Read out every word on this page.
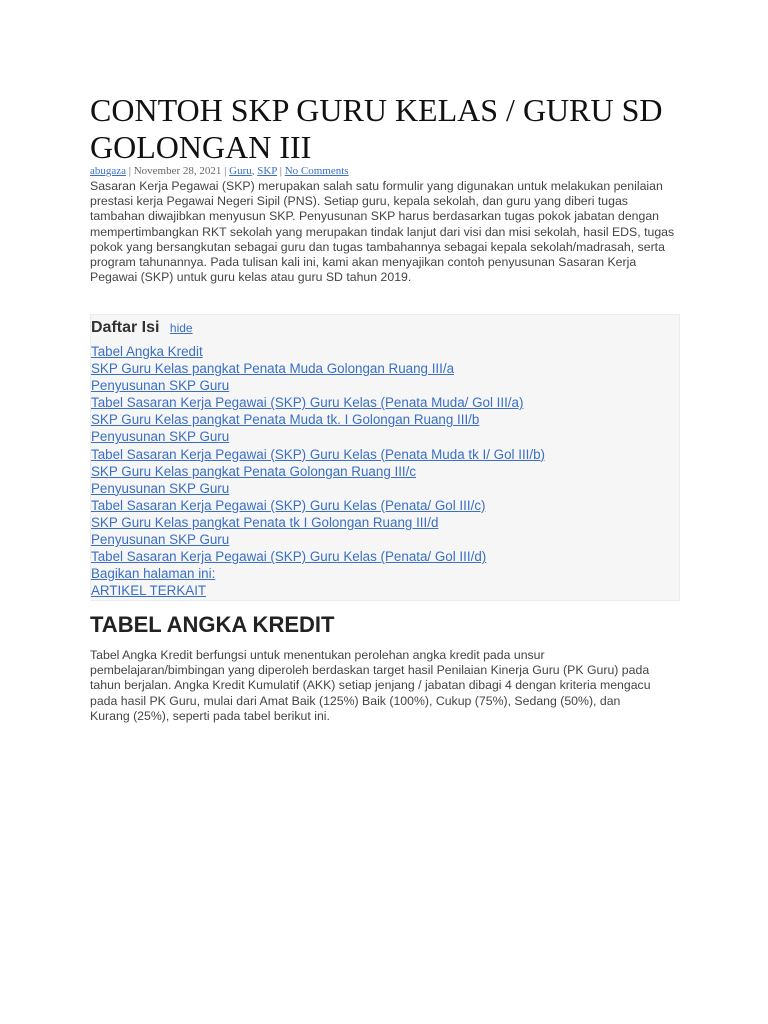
CONTOH SKP GURU KELAS / GURU SD GOLONGAN III
abugaza | November 28, 2021 | Guru, SKP | No Comments

Sasaran Kerja Pegawai (SKP) merupakan salah satu formulir yang digunakan untuk melakukan penilaian prestasi kerja Pegawai Negeri Sipil (PNS). Setiap guru, kepala sekolah, dan guru yang diberi tugas tambahan diwajibkan menyusun SKP. Penyusunan SKP harus berdasarkan tugas pokok jabatan dengan mempertimbangkan RKT sekolah yang merupakan tindak lanjut dari visi dan misi sekolah, hasil EDS, tugas pokok yang bersangkutan sebagai guru dan tugas tambahannya sebagai kepala sekolah/madrasah, serta program tahunannya. Pada tulisan kali ini, kami akan menyajikan contoh penyusunan Sasaran Kerja Pegawai (SKP) untuk guru kelas atau guru SD tahun 2019.

Daftar Isi hide
Tabel Angka Kredit
SKP Guru Kelas pangkat Penata Muda Golongan Ruang III/a
Penyusunan SKP Guru
Tabel Sasaran Kerja Pegawai (SKP) Guru Kelas (Penata Muda/ Gol III/a)
SKP Guru Kelas pangkat Penata Muda tk. I Golongan Ruang III/b
Penyusunan SKP Guru
Tabel Sasaran Kerja Pegawai (SKP) Guru Kelas (Penata Muda tk I/ Gol III/b)
SKP Guru Kelas pangkat Penata Golongan Ruang III/c
Penyusunan SKP Guru
Tabel Sasaran Kerja Pegawai (SKP) Guru Kelas (Penata/ Gol III/c)
SKP Guru Kelas pangkat Penata tk I Golongan Ruang III/d
Penyusunan SKP Guru
Tabel Sasaran Kerja Pegawai (SKP) Guru Kelas (Penata/ Gol III/d)
Bagikan halaman ini:
ARTIKEL TERKAIT
TABEL ANGKA KREDIT

Tabel Angka Kredit berfungsi untuk menentukan perolehan angka kredit pada unsur pembelajaran/bimbingan yang diperoleh berdaskan target hasil Penilaian Kinerja Guru (PK Guru) pada tahun berjalan. Angka Kredit Kumulatif (AKK) setiap jenjang / jabatan dibagi 4 dengan kriteria mengacu pada hasil PK Guru, mulai dari Amat Baik (125%) Baik (100%), Cukup (75%), Sedang (50%), dan Kurang (25%), seperti pada tabel berikut ini.
